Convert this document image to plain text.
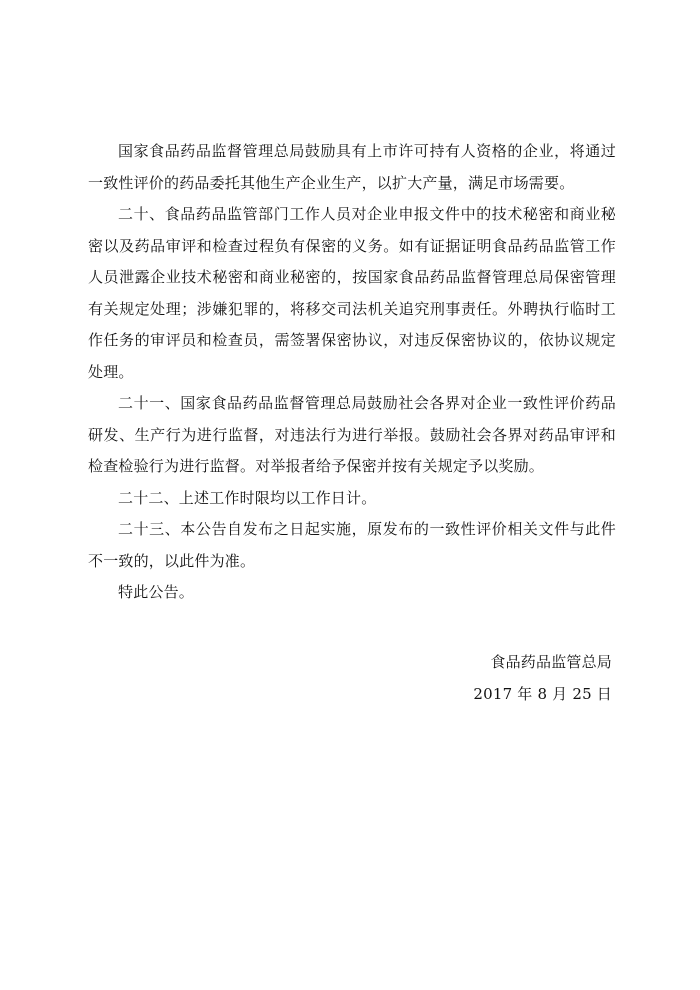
国家食品药品监督管理总局鼓励具有上市许可持有人资格的企业，将通过一致性评价的药品委托其他生产企业生产，以扩大产量，满足市场需要。

二十、食品药品监管部门工作人员对企业申报文件中的技术秘密和商业秘密以及药品审评和检查过程负有保密的义务。如有证据证明食品药品监管工作人员泄露企业技术秘密和商业秘密的，按国家食品药品监督管理总局保密管理有关规定处理；涉嫌犯罪的，将移交司法机关追究刑事责任。外聘执行临时工作任务的审评员和检查员，需签署保密协议，对违反保密协议的，依协议规定处理。

二十一、国家食品药品监督管理总局鼓励社会各界对企业一致性评价药品研发、生产行为进行监督，对违法行为进行举报。鼓励社会各界对药品审评和检查检验行为进行监督。对举报者给予保密并按有关规定予以奖励。

二十二、上述工作时限均以工作日计。

二十三、本公告自发布之日起实施，原发布的一致性评价相关文件与此件不一致的，以此件为准。

特此公告。

食品药品监管总局
2017 年 8 月 25 日
